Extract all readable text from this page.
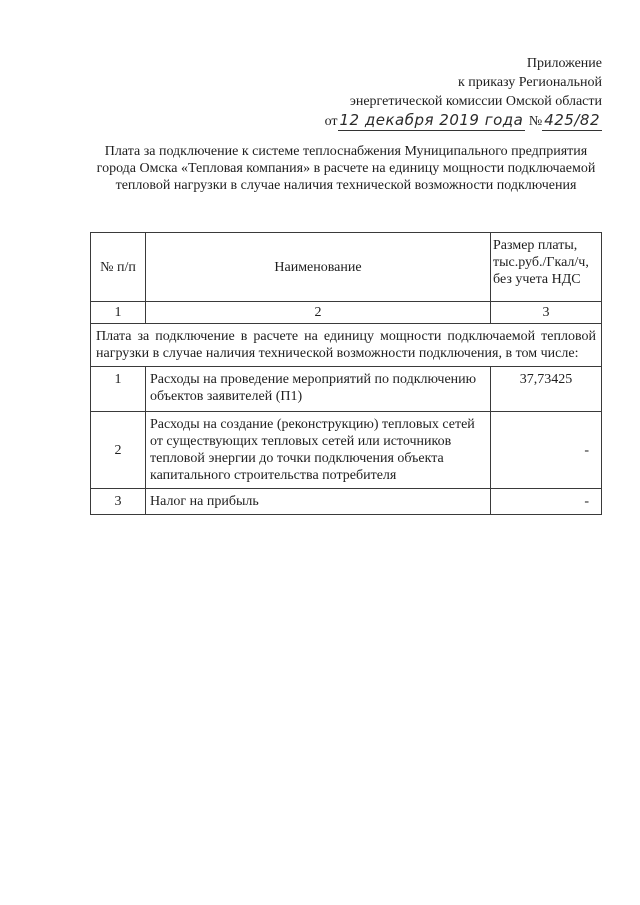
Приложение
к приказу Региональной
энергетической комиссии Омской области
от 12 декабря 2019 года
№ 425/82
Плата за подключение к системе теплоснабжения Муниципального предприятия города Омска «Тепловая компания» в расчете на единицу мощности подключаемой тепловой нагрузки в случае наличия технической возможности подключения
№ п/п	Наименование	Размер платы, тыс.руб./Гкал/ч, без учета НДС
1	2	3
Плата за подключение в расчете на единицу мощности подключаемой тепловой нагрузки в случае наличия технической возможности подключения, в том числе:		
1	Расходы на проведение мероприятий по подключению объектов заявителей (П1)	37,73425
2	Расходы на создание (реконструкцию) тепловых сетей от существующих тепловых сетей или источников тепловой энергии до точки подключения объекта капитального строительства потребителя	-
3	Налог на прибыль	-
